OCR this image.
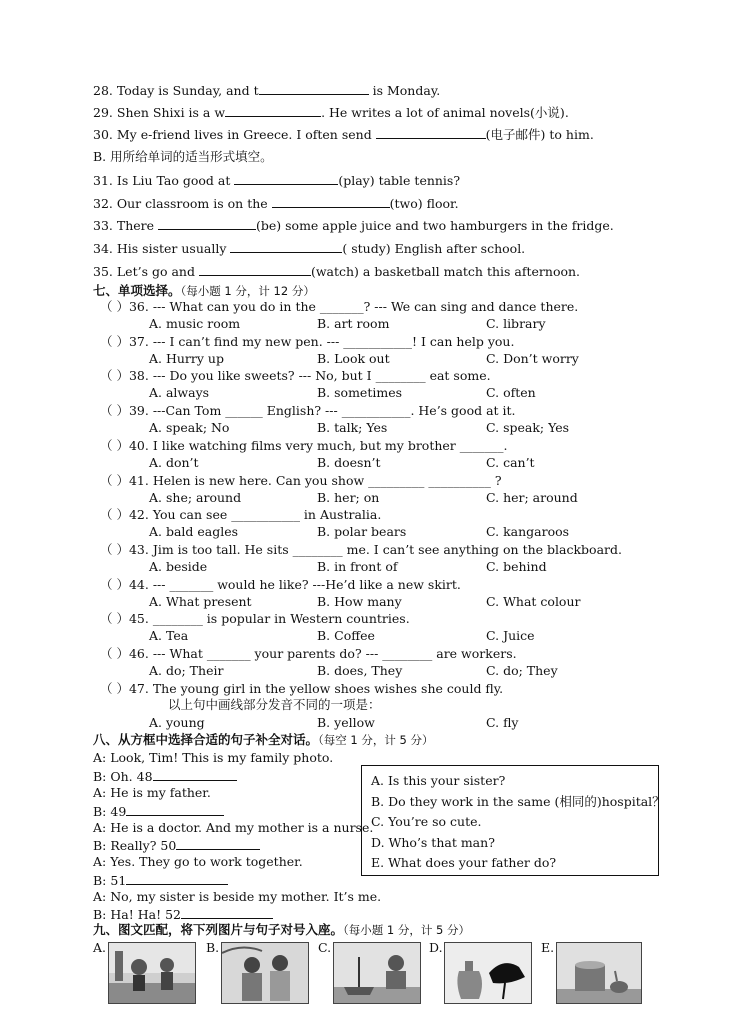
28. Today is Sunday, and t	is Monday.
29. Shen Shixi is a w	. He writes a lot of animal novels(小说).
30. My e-friend lives in Greece. I often send	(电子邮件) to him.
B. 用所给单词的适当形式填空。
31. Is Liu Tao good at	(play) table tennis?
32. Our classroom is on the	(two) floor.
33. There	(be) some apple juice and two hamburgers in the fridge.
34. His sister usually	( study) English after school.
35. Let’s go and	(watch) a basketball match this afternoon.
七、单项选择。（每小题 1 分，计 12 分）
（ ）36. --- What can you do in the _______? --- We can sing and dance there.
A. music room	B. art room	C. library
（ ）37. --- I can’t find my new pen. --- ___________! I can help you.
A. Hurry up	B. Look out	C. Don’t worry
（ ）38. --- Do you like sweets? --- No, but I ________ eat some.
A. always	B. sometimes	C. often
（ ）39. ---Can Tom ______ English? --- ___________. He’s good at it.
A. speak; No	B. talk; Yes	C. speak; Yes
（ ）40. I like watching films very much, but my brother _______.
A. don’t	B. doesn’t	C. can’t
（ ）41. Helen is new here. Can you show _________ __________ ?
A. she; around	B. her; on	C. her; around
（ ）42. You can see ___________ in Australia.
A. bald eagles	B. polar bears	C. kangaroos
（ ）43. Jim is too tall. He sits ________ me. I can’t see anything on the blackboard.
A. beside	B. in front of	C. behind
（ ）44. --- _______ would he like? ---He’d like a new skirt.
A. What present	B. How many	C. What colour
（ ）45. ________ is popular in Western countries.
A. Tea	B. Coffee	C. Juice
（ ）46. --- What _______ your parents do? --- ________ are workers.
A. do; Their	B. does, They	C. do; They
（ ）47. The young girl in the yellow shoes wishes she could fly.
A. young	B. yellow	C. fly
以上句中画线部分发音不同的一项是：
八、从方框中选择合适的句子补全对话。（每空 1 分，计 5 分）
A: Look, Tim! This is my family photo.
B: Oh. 48
A: He is my father.
B: 49
A: He is a doctor. And my mother is a nurse.
B: Really? 50
A: Yes. They go to work together.
B: 51
A: No, my sister is beside my mother. It’s me.
B: Ha! Ha! 52
A. Is this your sister?
B. Do they work in the same (相同的)hospital？
C. You’re so cute.
D. Who’s that man?
E. What does your father do?
九、图文匹配，将下列图片与句子对号入座。（每小题 1 分，计 5 分）
A.	B.	C.	D.	E.
